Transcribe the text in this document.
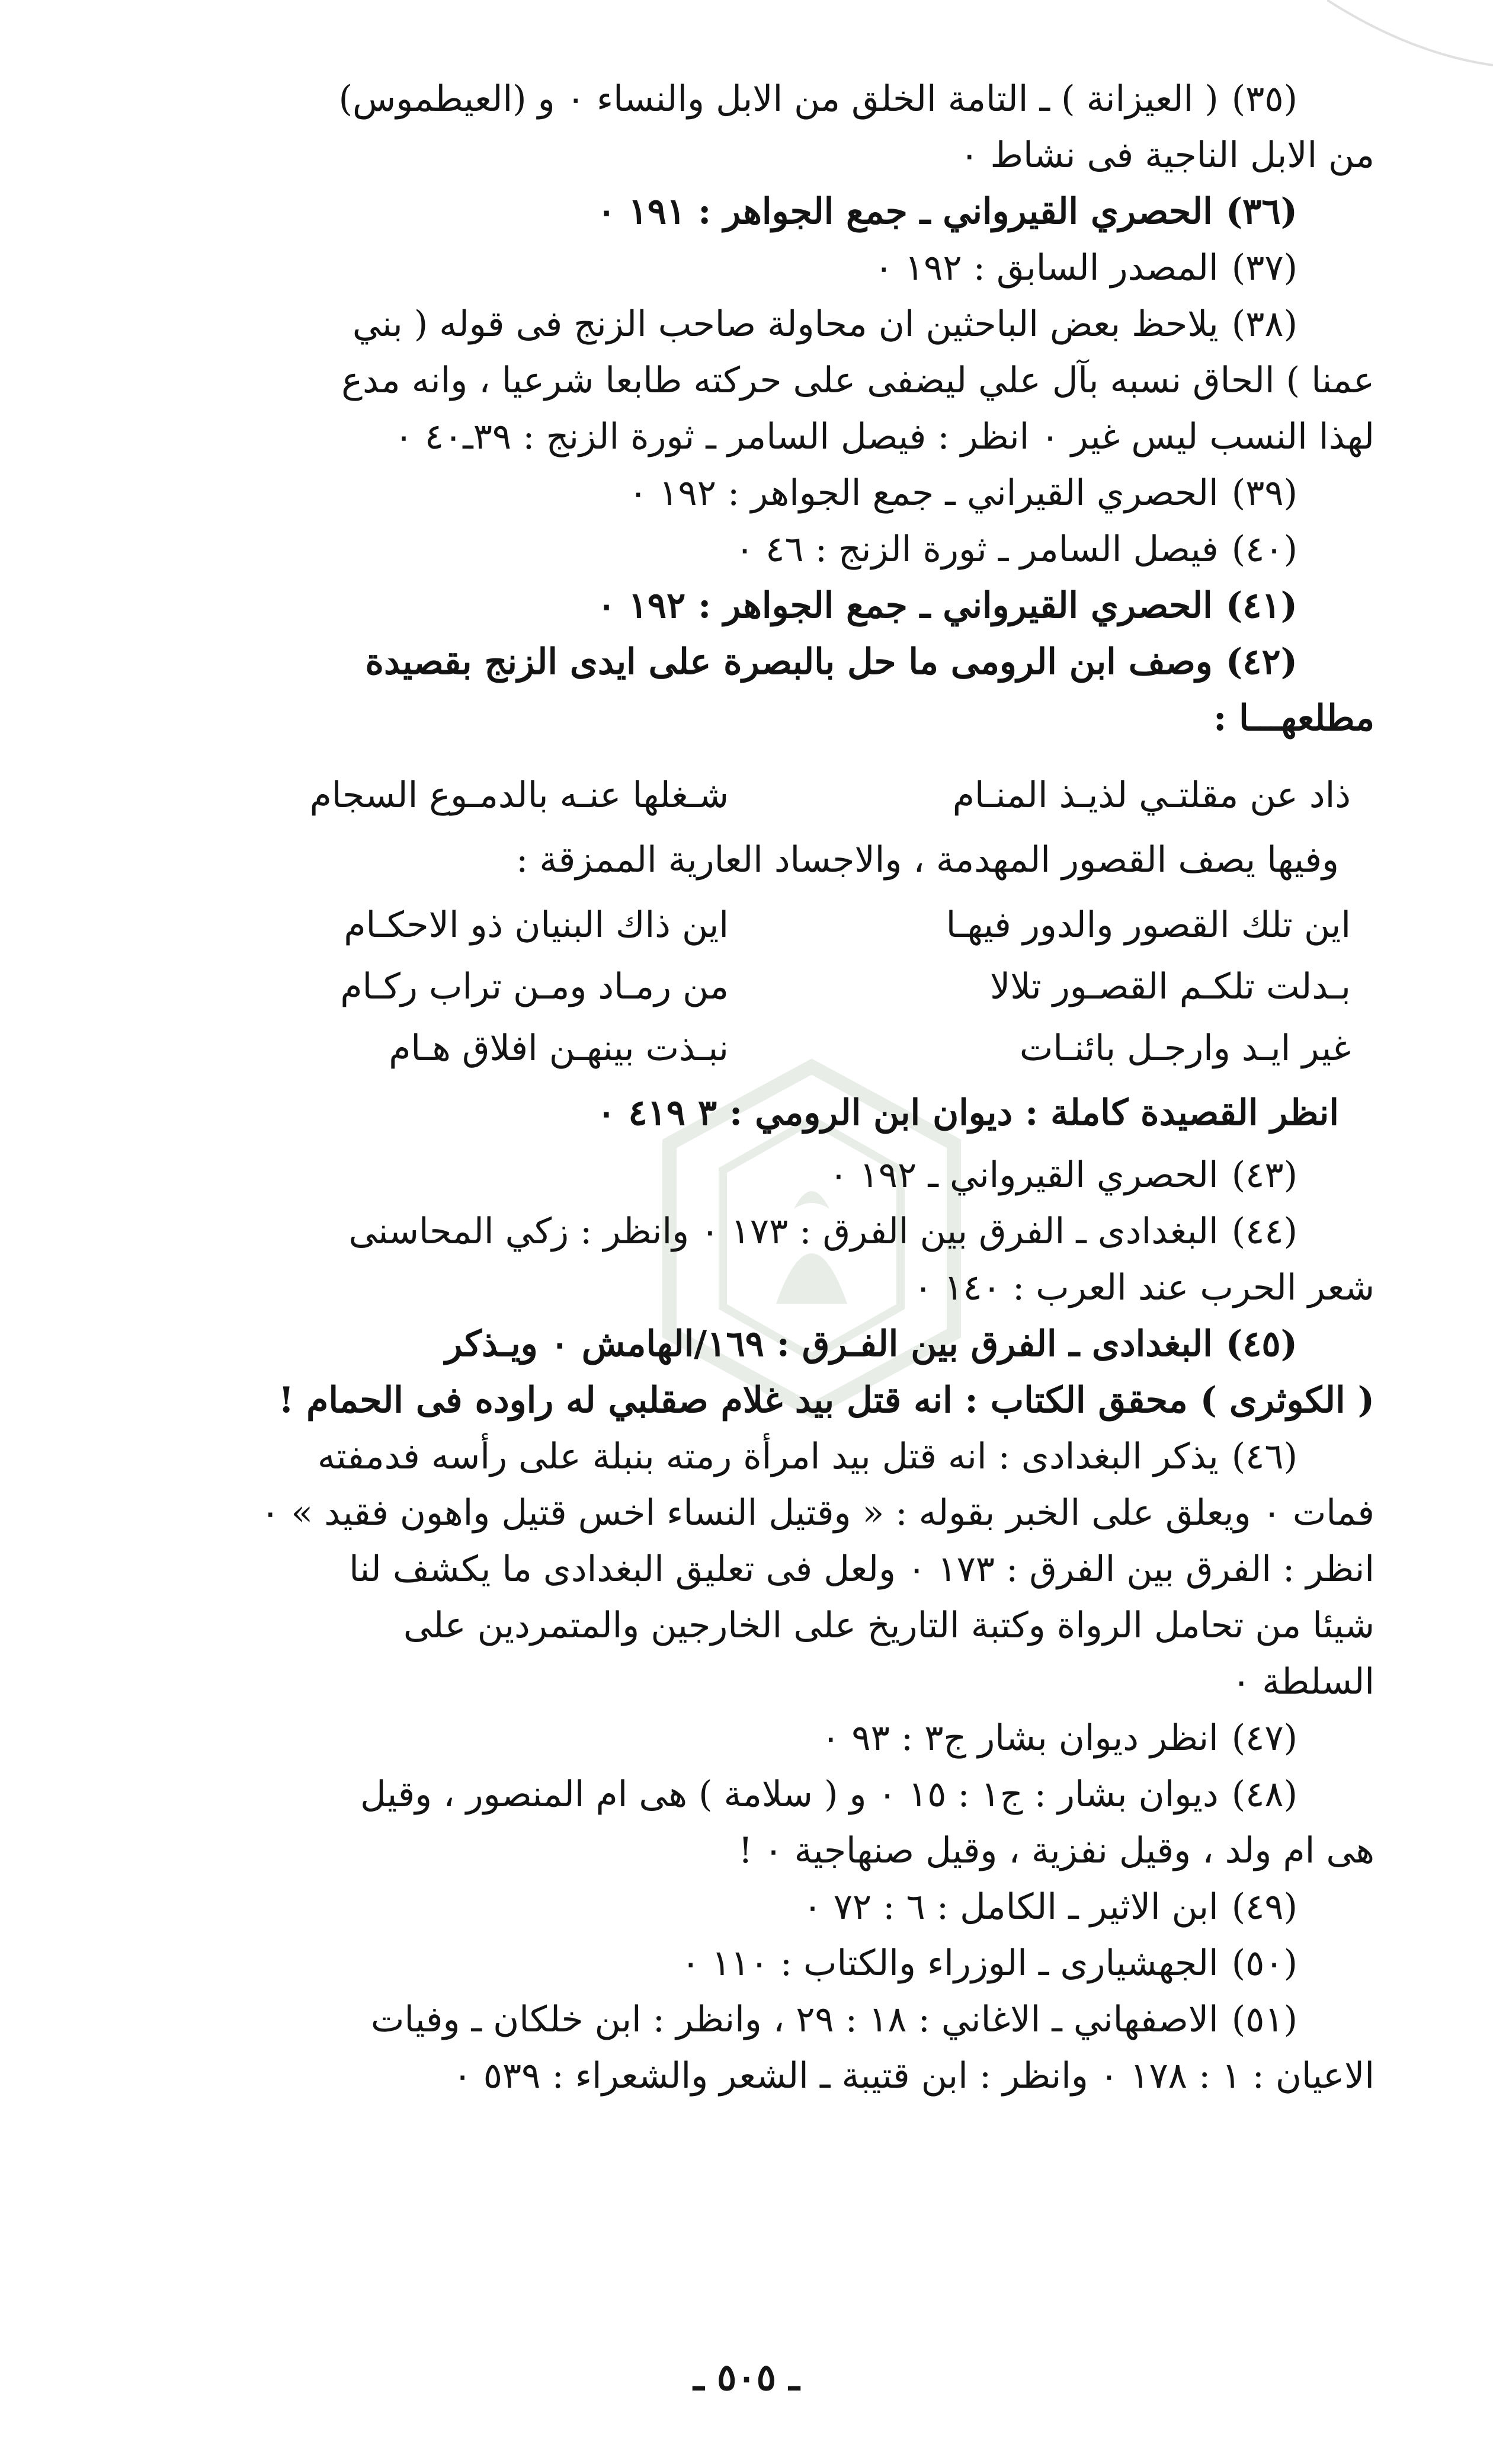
(٣٥)( العيزانة ) ـ التامة الخلق من الابل والنساء ٠ و (العيطموس)
من الابل الناجية فى نشاط ٠

(٣٦)الحصري القيرواني ـ جمع الجواهر : ١٩١ ٠

(٣٧)المصدر السابق : ١٩٢ ٠

(٣٨)يلاحظ بعض الباحثين ان محاولة صاحب الزنج فى قوله ( بني
عمنا ) الحاق نسبه بآل علي ليضفى على حركته طابعا شرعيا ، وانه مدع
لهذا النسب ليس غير ٠ انظر : فيصل السامر ـ ثورة الزنج : ٣٩ـ٤٠ ٠

(٣٩)الحصري القيراني ـ جمع الجواهر : ١٩٢ ٠

(٤٠)فيصل السامر ـ ثورة الزنج : ٤٦ ٠

(٤١)الحصري القيرواني ـ جمع الجواهر : ١٩٢ ٠

(٤٢)وصف ابن الرومى ما حل بالبصرة على ايدى الزنج بقصيدة
مطلعهـــا :

ذاد عن مقلتـي لذيـذ المنـام
شـغلها عنـه بالدمـوع السجام
وفيها يصف القصور المهدمة ، والاجساد العارية الممزقة :
اين تلك القصور والدور فيهـا
اين ذاك البنيان ذو الاحكـام
بـدلت تلكـم القصـور تلالا
من رمـاد ومـن تراب ركـام
غير ايـد وارجـل بائنـات
نبـذت بينهـن افلاق هـام
انظر القصيدة كاملة : ديوان ابن الرومي : ٣ ٤١٩ ٠

(٤٣)الحصري القيرواني ـ ١٩٢ ٠

(٤٤)البغدادى ـ الفرق بين الفرق : ١٧٣ ٠ وانظر : زكي المحاسنى
شعر الحرب عند العرب : ١٤٠ ٠

(٤٥)البغدادى ـ الفرق بين الفـرق : ١٦٩/الهامش ٠ ويـذكر
( الكوثرى ) محقق الكتاب : انه قتل بيد غلام صقلبي له راوده فى الحمام !

(٤٦)يذكر البغدادى : انه قتل بيد امرأة رمته بنبلة على رأسه فدمفته
فمات ٠ ويعلق على الخبر بقوله : « وقتيل النساء اخس قتيل واهون فقيد » ٠
انظر : الفرق بين الفرق : ١٧٣ ٠ ولعل فى تعليق البغدادى ما يكشف لنا
شيئا من تحامل الرواة وكتبة التاريخ على الخارجين والمتمردين على
السلطة ٠

(٤٧)انظر ديوان بشار ج٣ : ٩٣ ٠

(٤٨)ديوان بشار : ج١ : ١٥ ٠ و ( سلامة ) هى ام المنصور ، وقيل
هى ام ولد ، وقيل نفزية ، وقيل صنهاجية ٠ !

(٤٩)ابن الاثير ـ الكامل : ٦ : ٧٢ ٠

(٥٠)الجهشيارى ـ الوزراء والكتاب : ١١٠ ٠

(٥١)الاصفهاني ـ الاغاني : ١٨ : ٢٩ ، وانظر : ابن خلكان ـ وفيات
الاعيان : ١ : ١٧٨ ٠ وانظر : ابن قتيبة ـ الشعر والشعراء : ٥٣٩ ٠

ـ ٥٠٥ ـ
